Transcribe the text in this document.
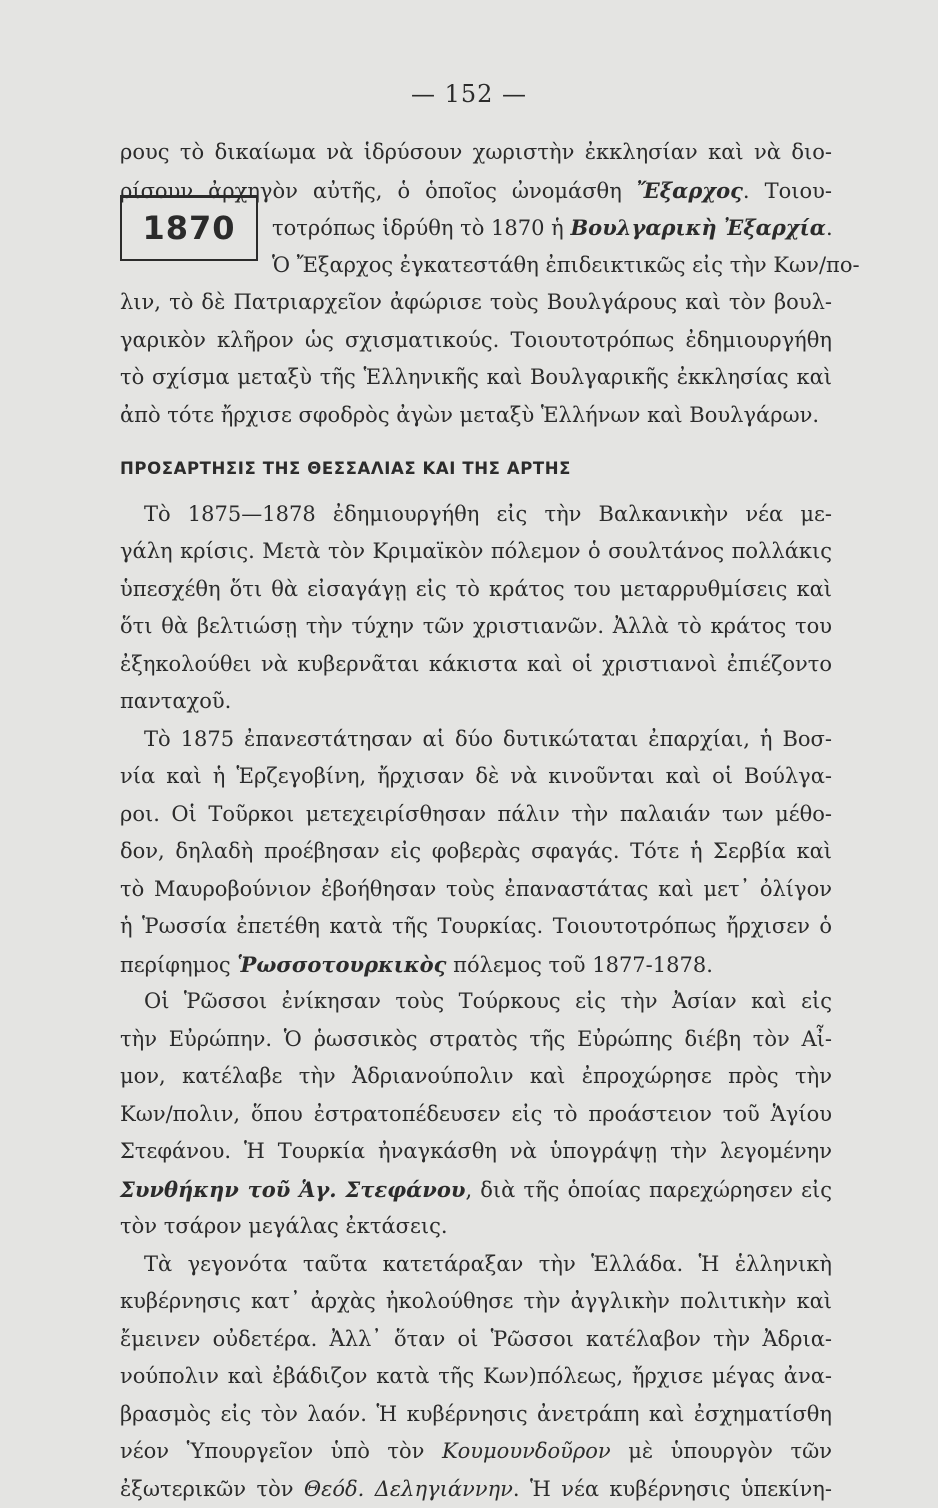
— 152 —
1870
ρους τὸ δικαίωμα νὰ ἱδρύσουν χωριστὴν ἐκκλησίαν καὶ νὰ διο-
ρίσουν ἀρχηγὸν αὐτῆς, ὁ ὁποῖος ὠνομάσθη Ἔξαρχος. Τοιου-
τοτρόπως ἱδρύθη τὸ 1870 ἡ Βουλγαρικὴ Ἐξαρχία.
Ὁ Ἔξαρχος ἐγκατεστάθη ἐπιδεικτικῶς εἰς τὴν Κων/πο-
λιν, τὸ δὲ Πατριαρχεῖον ἀφώρισε τοὺς Βουλγάρους καὶ τὸν βουλ-
γαρικὸν κλῆρον ὡς σχισματικούς. Τοιουτοτρόπως ἐδημιουργήθη
τὸ σχίσμα μεταξὺ τῆς Ἑλληνικῆς καὶ Βουλγαρικῆς ἐκκλησίας καὶ
ἀπὸ τότε ἤρχισε σφοδρὸς ἀγὼν μεταξὺ Ἑλλήνων καὶ Βουλγάρων.
ΠΡΟΣΑΡΤΗΣΙΣ ΤΗΣ ΘΕΣΣΑΛΙΑΣ ΚΑΙ ΤΗΣ ΑΡΤΗΣ
Τὸ 1875—1878 ἐδημιουργήθη εἰς τὴν Βαλκανικὴν νέα με-
γάλη κρίσις. Μετὰ τὸν Κριμαϊκὸν πόλεμον ὁ σουλτάνος πολλάκις
ὑπεσχέθη ὅτι θὰ εἰσαγάγῃ εἰς τὸ κράτος του μεταρρυθμίσεις καὶ
ὅτι θὰ βελτιώσῃ τὴν τύχην τῶν χριστιανῶν. Ἀλλὰ τὸ κράτος του
ἐξηκολούθει νὰ κυβερνᾶται κάκιστα καὶ οἱ χριστιανοὶ ἐπιέζοντο
πανταχοῦ.
Τὸ 1875 ἐπανεστάτησαν αἱ δύο δυτικώταται ἐπαρχίαι, ἡ Βοσ-
νία καὶ ἡ Ἑρζεγοβίνη, ἤρχισαν δὲ νὰ κινοῦνται καὶ οἱ Βούλγα-
ροι. Οἱ Τοῦρκοι μετεχειρίσθησαν πάλιν τὴν παλαιάν των μέθο-
δον, δηλαδὴ προέβησαν εἰς φοβερὰς σφαγάς. Τότε ἡ Σερβία καὶ
τὸ Μαυροβούνιον ἐβοήθησαν τοὺς ἐπαναστάτας καὶ μετ᾿ ὀλίγον
ἡ Ῥωσσία ἐπετέθη κατὰ τῆς Τουρκίας. Τοιουτοτρόπως ἤρχισεν ὁ
περίφημος Ῥωσσοτουρκικὸς πόλεμος τοῦ 1877-1878.
Οἱ Ῥῶσσοι ἐνίκησαν τοὺς Τούρκους εἰς τὴν Ἀσίαν καὶ εἰς
τὴν Εὐρώπην. Ὁ ῥωσσικὸς στρατὸς τῆς Εὐρώπης διέβη τὸν Αἶ-
μον, κατέλαβε τὴν Ἀδριανούπολιν καὶ ἐπροχώρησε πρὸς τὴν
Κων/πολιν, ὅπου ἐστρατοπέδευσεν εἰς τὸ προάστειον τοῦ Ἁγίου
Στεφάνου. Ἡ Τουρκία ἠναγκάσθη νὰ ὑπογράψῃ τὴν λεγομένην
Συνθήκην τοῦ Ἁγ. Στεφάνου, διὰ τῆς ὁποίας παρεχώρησεν εἰς
τὸν τσάρον μεγάλας ἐκτάσεις.
Τὰ γεγονότα ταῦτα κατετάραξαν τὴν Ἑλλάδα. Ἡ ἑλληνικὴ
κυβέρνησις κατ᾿ ἀρχὰς ἠκολούθησε τὴν ἀγγλικὴν πολιτικὴν καὶ
ἔμεινεν οὐδετέρα. Ἀλλ᾿ ὅταν οἱ Ῥῶσσοι κατέλαβον τὴν Ἀδρια-
νούπολιν καὶ ἐβάδιζον κατὰ τῆς Κων)πόλεως, ἤρχισε μέγας ἀνα-
βρασμὸς εἰς τὸν λαόν. Ἡ κυβέρνησις ἀνετράπη καὶ ἐσχηματίσθη
νέον Ὑπουργεῖον ὑπὸ τὸν Κουμουνδοῦρον μὲ ὑπουργὸν τῶν
ἐξωτερικῶν τὸν Θεόδ. Δεληγιάννην. Ἡ νέα κυβέρνησις ὑπεκίνη-
